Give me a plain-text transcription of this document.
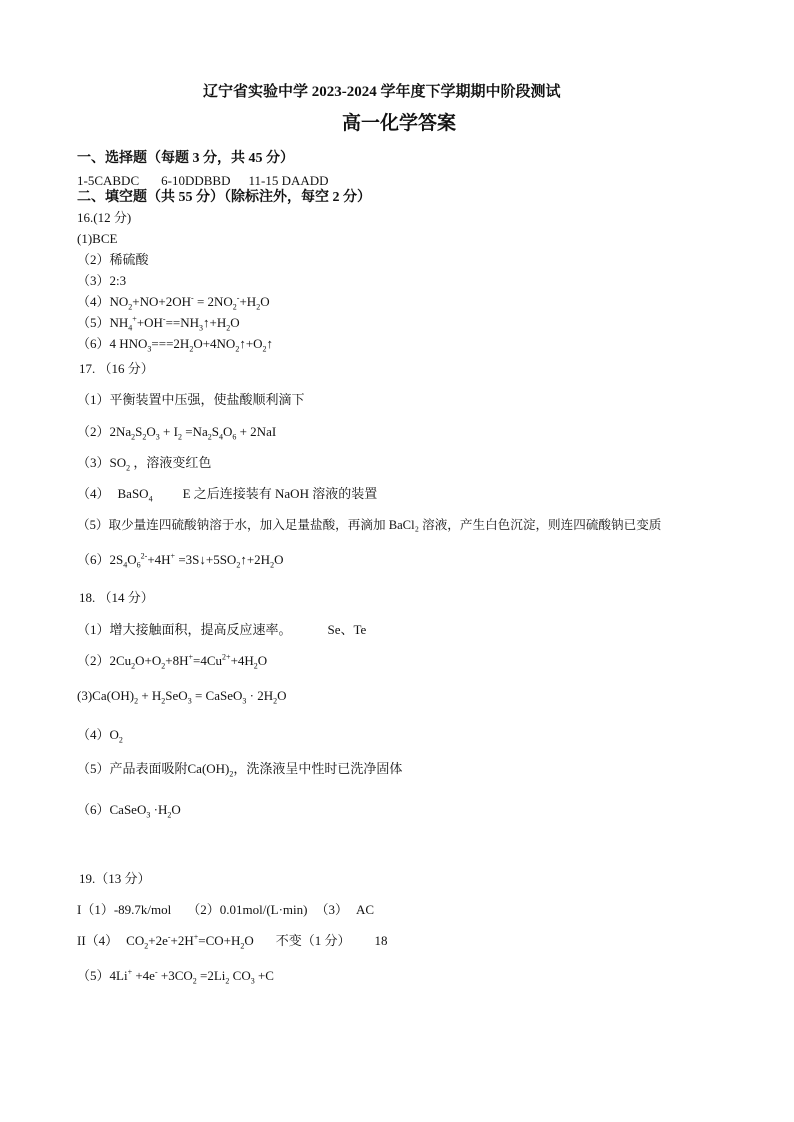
辽宁省实验中学 2023-2024 学年度下学期期中阶段测试
高一化学答案
一、选择题（每题 3 分，共 45 分）
1-5CABDC 6-10DDBBD 11-15 DAADD
二、填空题（共 55 分）（除标注外，每空 2 分）
16.(12 分)
(1)BCE
（2）稀硫酸
（3）2:3
$(4)NO_2+NO+2OH^- = 2NO_2^-+H_2O$
$(5)NH_4^++OH^-==NH_3↑+H_2O$
（6）4 $HNO_3===2H_2O+4NO_2↑+O_2↑$
17. （16 分）
（1）平衡装置中压强，使盐酸顺利滴下
$(2)2Na_2S_2O_3 + I_2 =Na_2S_4O_6 + 2NaI$
$(3)SO_2$ ，溶液变红色
（4） BaSO$_4$ E 之后连接装有 NaOH 溶液的装置
（5）取少量连四硫酸钠溶于水，加入足量盐酸，再滴加 BaCl₂ 溶液，产生白色沉淀，则连四硫酸钠已变质
$(6)2S_4O_6^{2-}+4H^+$ $=3S↓+5SO_2↑+2H_2O$
18. （14 分）
（1）增大接触面积，提高反应速率。	Se、Te
$(2)2Cu_2O+O_2+8H^+=4Cu^{2+}+4H_2O$
$(3)Ca(OH)_2 + H_2SeO_3$ = CaSeO$_3$ · $2H_2O$
$(4)O_2$
（5）产品表面吸附$Ca(OH)_2$，洗涤液呈中性时已洗净固体
（6）CaSeO$_3$ $\cdot H_2O$
19.（13 分）
I（1）-89.7k/mol （2）0.01mol/(L·min) （3） AC
II（4） $CO_2+2e^-+2H^+=CO+H_2O$ 不变（1 分） 18
$(5)4Li^+ +4e^- +3CO_2 =2Li_2$ $CO_3 +C$
